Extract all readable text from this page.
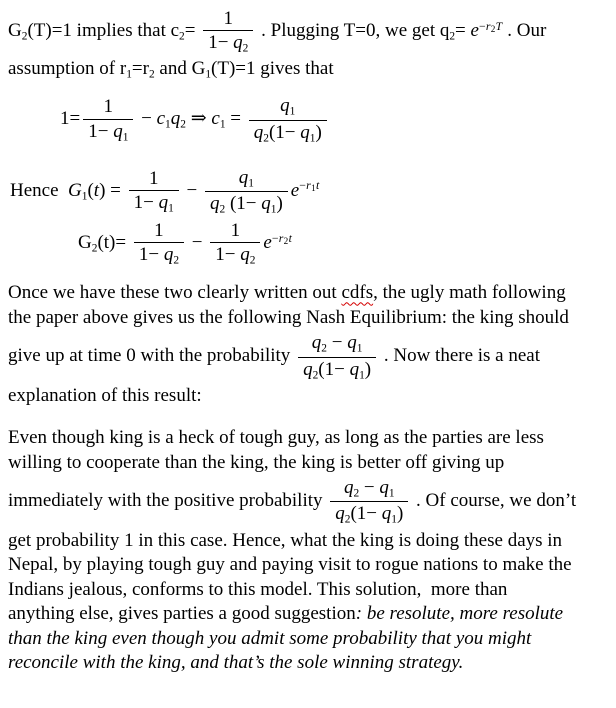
G2(T)=1 implies that $c2= \frac{1}{1- q2}$ . Plugging T=0, we get $q2= e^{-r2T}$ . Our
assumption of r1=r2 and G1(T)=1 gives that
$1= \frac{1}{1- q1} - c1q2$ ⇒ $c1 = \frac{q1}{q2(1- q1)}$
Hence  $G1(t) = \frac{1}{1- q1} - \frac{q1}{q2 (1- q1)} e^{-r1t}$
$G2(t)= \frac{1}{1- q2} - \frac{1}{1- q2} e^{-r2t}$
Once we have these two clearly written out cdfs, the ugly math following
the paper above gives us the following Nash Equilibrium: the king should
give up at time 0 with the probability $\frac{q2 - q1}{q2(1- q1)}$ . Now there is a neat
explanation of this result:
Even though king is a heck of tough guy, as long as the parties are less
willing to cooperate than the king, the king is better off giving up
immediately with the positive probability $\frac{q2 - q1}{q2(1- q1)}$ . Of course, we don’t
get probability 1 in this case. Hence, what the king is doing these days in
Nepal, by playing tough guy and paying visit to rogue nations to make the
Indians jealous, conforms to this model. This solution,  more than
anything else, gives parties a good suggestion: be resolute, more resolute
than the king even though you admit some probability that you might
reconcile with the king, and that’s the sole winning strategy.
